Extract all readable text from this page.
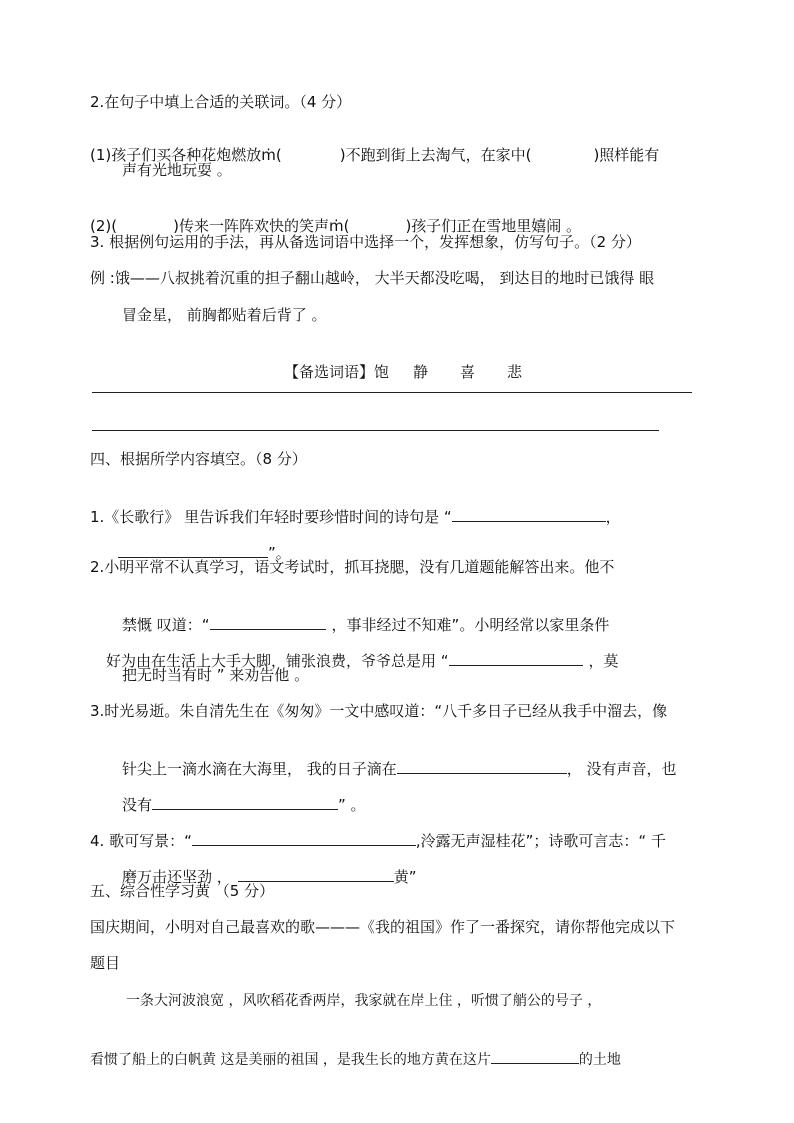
2.在句子中填上合适的关联词。（4 分）

(1)孩子们买各种花炮燃放ṁ(	)不跑到街上去淘气，在家中(	)照样能有

声有光地玩耍 。

(2)(	)传来一阵阵欢快的笑声ṁ(	)孩子们正在雪地里嬉闹 。

3. 根据例句运用的手法，再从备选词语中选择一个，发挥想象，仿写句子。（2 分）
例 :饿——八叔挑着沉重的担子翻山越岭， 大半天都没吃喝， 到达目的地时已饿得 眼
冒金星， 前胸都贴着后背了 。

【备选词语】饱 静 喜 悲

四、根据所学内容填空。（8 分）

1.《长歌行》 里告诉我们年轻时要珍惜时间的诗句是 “	，

”。

2.小明平常不认真学习，语文考试时，抓耳挠腮，没有几道题能解答出来。他不

禁慨 叹道：“	，事非经过不知难”。小明经常以家里条件

好为由在生活上大手大脚，铺张浪费，爷爷总是用 “	，莫

把无时当有时 ” 来劝告他 。
3.时光易逝。朱自清先生在《匆匆》一文中感叹道：“八千多日子已经从我手中溜去，像

针尖上一滴水滴在大海里， 我的日子滴在	， 没有声音，也

没有	” 。

4. 歌可写景：“	,泠露无声湿桂花”；诗歌可言志：“ 千

磨万击还坚劲 ，	黄”

五、综合性学习黄 （5 分）
国庆期间，小明对自己最喜欢的歌———《我的祖国》作了一番探究，请你帮他完成以下
题目
一条大河波浪宽 ，风吹稻花香两岸，我家就在岸上住 ，听惯了艄公的号子 ，

看惯了船上的白帆黄 这是美丽的祖国 ，是我生长的地方黄在这片	的土地
